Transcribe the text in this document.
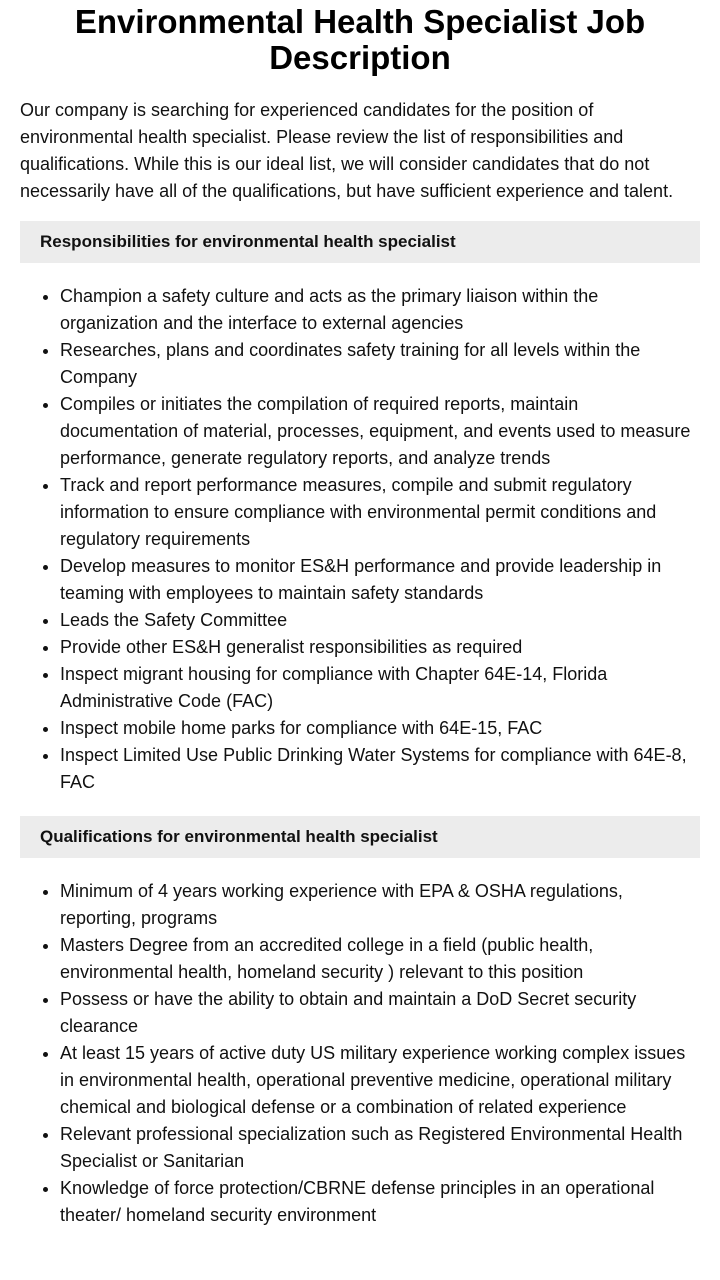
Environmental Health Specialist Job Description

Our company is searching for experienced candidates for the position of environmental health specialist. Please review the list of responsibilities and qualifications. While this is our ideal list, we will consider candidates that do not necessarily have all of the qualifications, but have sufficient experience and talent.

Responsibilities for environmental health specialist
• Champion a safety culture and acts as the primary liaison within the organization and the interface to external agencies
• Researches, plans and coordinates safety training for all levels within the Company
• Compiles or initiates the compilation of required reports, maintain documentation of material, processes, equipment, and events used to measure performance, generate regulatory reports, and analyze trends
• Track and report performance measures, compile and submit regulatory information to ensure compliance with environmental permit conditions and regulatory requirements
• Develop measures to monitor ES&H performance and provide leadership in teaming with employees to maintain safety standards
• Leads the Safety Committee
• Provide other ES&H generalist responsibilities as required
• Inspect migrant housing for compliance with Chapter 64E-14, Florida Administrative Code (FAC)
• Inspect mobile home parks for compliance with 64E-15, FAC
• Inspect Limited Use Public Drinking Water Systems for compliance with 64E-8, FAC
Qualifications for environmental health specialist
• Minimum of 4 years working experience with EPA & OSHA regulations, reporting, programs
• Masters Degree from an accredited college in a field (public health, environmental health, homeland security ) relevant to this position
• Possess or have the ability to obtain and maintain a DoD Secret security clearance
• At least 15 years of active duty US military experience working complex issues in environmental health, operational preventive medicine, operational military chemical and biological defense or a combination of related experience
• Relevant professional specialization such as Registered Environmental Health Specialist or Sanitarian
• Knowledge of force protection/CBRNE defense principles in an operational theater/ homeland security environment
